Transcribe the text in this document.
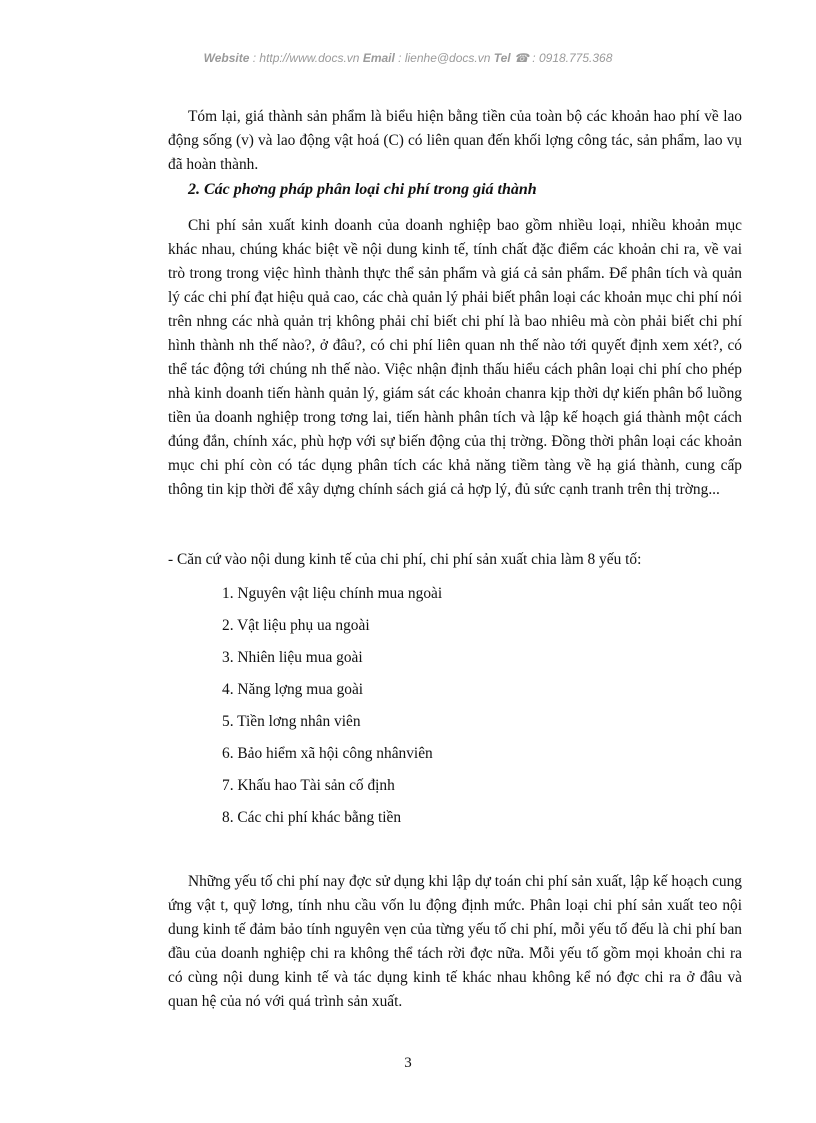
Website : http://www.docs.vn Email : lienhe@docs.vn Tel ☎ : 0918.775.368

Tóm lại, giá thành sản phẩm là biểu hiện bằng tiền của toàn bộ các khoản hao phí về lao động sống (v) và lao động vật hoá (C) có liên quan đến khối lợng công tác, sản phẩm, lao vụ đã hoàn thành.

2. Các phơng pháp phân loại chi phí trong giá thành

Chi phí sản xuất kinh doanh của doanh nghiệp bao gồm nhiều loại, nhiều khoản mục khác nhau, chúng khác biệt về nội dung kinh tế, tính chất đặc điểm các khoản chi ra, về vai trò trong trong việc hình thành thực thể sản phẩm và giá cả sản phẩm. Để phân tích và quản lý các chi phí đạt hiệu quả cao, các chà quản lý phải biết phân loại các khoản mục chi phí nói trên nhng các nhà quản trị không phải chỉ biết chi phí là bao nhiêu mà còn phải biết chi phí hình thành nh thế nào?, ở đâu?, có chi phí liên quan nh thế nào tới quyết định xem xét?, có thể tác động tới chúng nh thế nào. Việc nhận định thấu hiểu cách phân loại chi phí cho phép nhà kinh doanh tiến hành quản lý, giám sát các khoản chanra kịp thời dự kiến phân bổ luồng tiền ủa doanh nghiệp trong tơng lai, tiến hành phân tích và lập kế hoạch giá thành một cách đúng đắn, chính xác, phù hợp với sự biến động của thị trờng. Đồng thời phân loại các khoản mục chi phí còn có tác dụng phân tích các khả năng tiềm tàng về hạ giá thành, cung cấp thông tin kịp thời để xây dựng chính sách giá cả hợp lý, đủ sức cạnh tranh trên thị trờng...

- Căn cứ vào nội dung kinh tế của chi phí, chi phí sản xuất chia làm 8 yếu tố:
1. Nguyên vật liệu chính mua ngoài
2. Vật liệu phụ ua ngoài
3. Nhiên liệu mua goài
4. Năng lợng mua goài
5. Tiền lơng nhân viên
6. Bảo hiểm xã hội công nhânviên
7. Khấu hao Tài sản cố định
8. Các chi phí khác bằng tiền

Những yếu tố chi phí nay đợc sử dụng khi lập dự toán chi phí sản xuất, lập kế hoạch cung ứng vật t, quỹ lơng, tính nhu cầu vốn lu động định mức. Phân loại chi phí sản xuất teo nội dung kinh tế đảm bảo tính nguyên vẹn của từng yếu tố chi phí, mỗi yếu tố đếu là chi phí ban đầu của doanh nghiệp chi ra không thể tách rời đợc nữa. Mỗi yếu tố gồm mọi khoản chi ra có cùng nội dung kinh tế và tác dụng kinh tế khác nhau không kể nó đợc chi ra ở đâu và quan hệ của nó với quá trình sản xuất.

3
